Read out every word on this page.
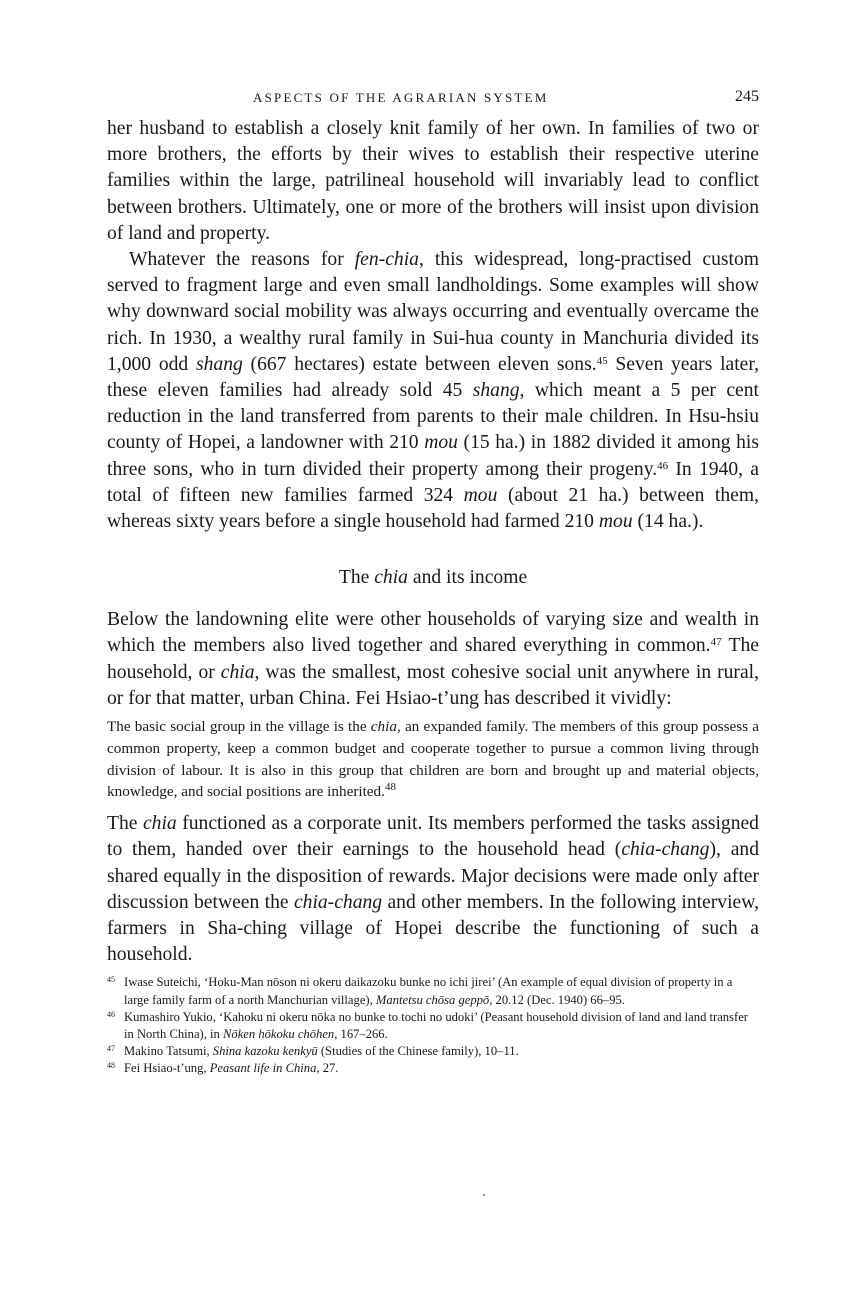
ASPECTS OF THE AGRARIAN SYSTEM	245

her husband to establish a closely knit family of her own. In families of two or more brothers, the efforts by their wives to establish their respective uterine families within the large, patrilineal household will invariably lead to conflict between brothers. Ultimately, one or more of the brothers will insist upon division of land and property.

Whatever the reasons for fen-chia, this widespread, long-practised custom served to fragment large and even small landholdings. Some examples will show why downward social mobility was always occurring and eventually overcame the rich. In 1930, a wealthy rural family in Sui-hua county in Manchuria divided its 1,000 odd shang (667 hectares) estate between eleven sons.$^{45}$ Seven years later, these eleven families had already sold 45 shang, which meant a 5 per cent reduction in the land transferred from parents to their male children. In Hsu-hsiu county of Hopei, a landowner with 210 mou (15 ha.) in 1882 divided it among his three sons, who in turn divided their property among their progeny.$^{46}$ In 1940, a total of fifteen new families farmed 324 mou (about 21 ha.) between them, whereas sixty years before a single household had farmed 210 mou (14 ha.).

The chia and its income

Below the landowning elite were other households of varying size and wealth in which the members also lived together and shared everything in common.$^{47}$ The household, or chia, was the smallest, most cohesive social unit anywhere in rural, or for that matter, urban China. Fei Hsiao-t’ung has described it vividly:

The basic social group in the village is the chia, an expanded family. The members of this group possess a common property, keep a common budget and cooperate together to pursue a common living through division of labour. It is also in this group that children are born and brought up and material objects, knowledge, and social positions are inherited.$^{48}$

The chia functioned as a corporate unit. Its members performed the tasks assigned to them, handed over their earnings to the household head (chia-chang), and shared equally in the disposition of rewards. Major decisions were made only after discussion between the chia-chang and other members. In the following interview, farmers in Sha-ching village of Hopei describe the functioning of such a household.

45 Iwase Suteichi, ‘Hoku-Man nōson ni okeru daikazoku bunke no ichi jirei’ (An example of equal division of property in a large family farm of a north Manchurian village), Mantetsu chōsa geppō, 20.12 (Dec. 1940) 66–95.
46 Kumashiro Yukio, ‘Kahoku ni okeru nōka no bunke to tochi no udoki’ (Peasant household division of land and land transfer in North China), in Nōken hōkoku chōhen, 167–266.
47 Makino Tatsumi, Shina kazoku kenkyū (Studies of the Chinese family), 10–11.
48 Fei Hsiao-t’ung, Peasant life in China, 27.
